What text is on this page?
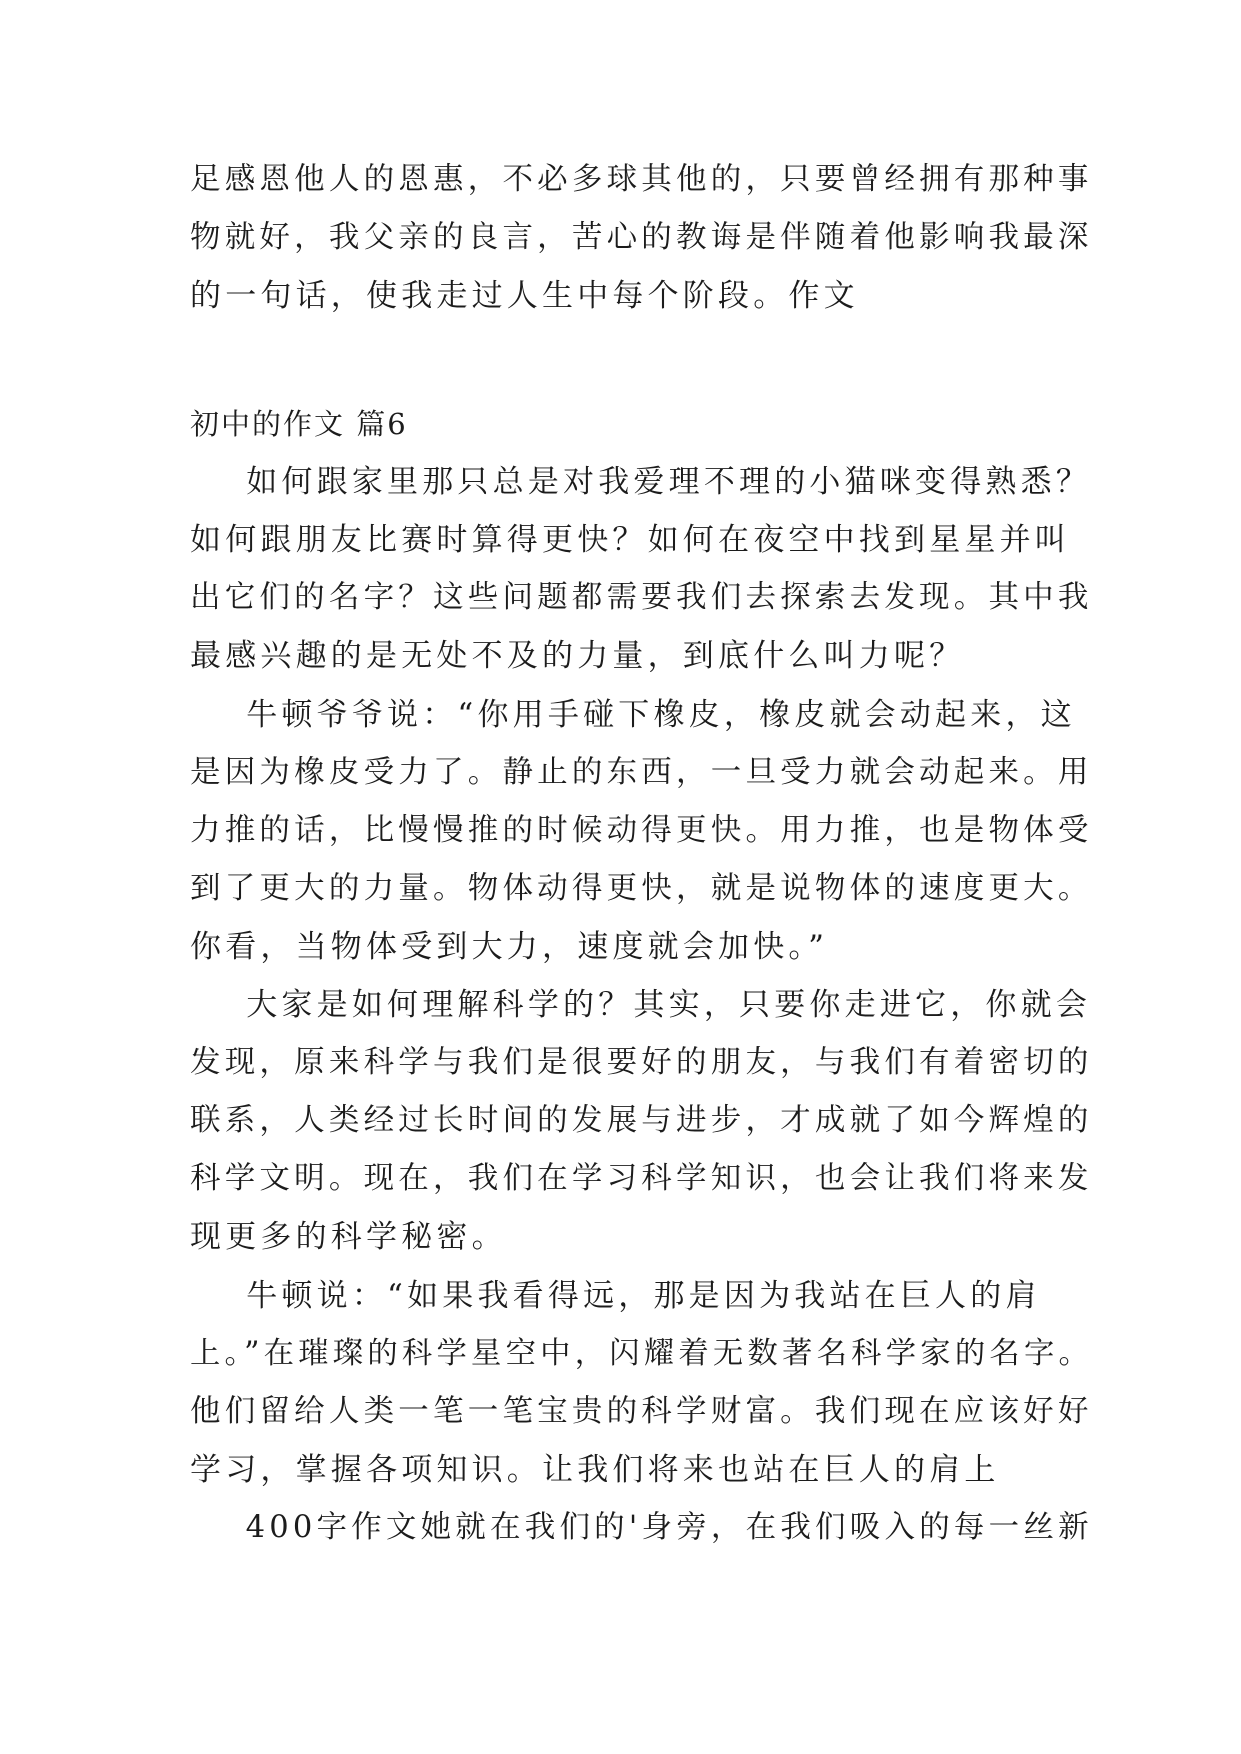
足感恩他人的恩惠，不必多球其他的，只要曾经拥有那种事
物就好，我父亲的良言，苦心的教诲是伴随着他影响我最深
的一句话，使我走过人生中每个阶段。作文
初中的作文 篇6
如何跟家里那只总是对我爱理不理的小猫咪变得熟悉？
如何跟朋友比赛时算得更快？如何在夜空中找到星星并叫
出它们的名字？这些问题都需要我们去探索去发现。其中我
最感兴趣的是无处不及的力量，到底什么叫力呢？
牛顿爷爷说：“你用手碰下橡皮，橡皮就会动起来，这
是因为橡皮受力了。静止的东西，一旦受力就会动起来。用
力推的话，比慢慢推的时候动得更快。用力推，也是物体受
到了更大的力量。物体动得更快，就是说物体的速度更大。
你看，当物体受到大力，速度就会加快。”
大家是如何理解科学的？其实，只要你走进它，你就会
发现，原来科学与我们是很要好的朋友，与我们有着密切的
联系，人类经过长时间的发展与进步，才成就了如今辉煌的
科学文明。现在，我们在学习科学知识，也会让我们将来发
现更多的科学秘密。
牛顿说：“如果我看得远，那是因为我站在巨人的肩
上。”在璀璨的科学星空中，闪耀着无数著名科学家的名字。
他们留给人类一笔一笔宝贵的科学财富。我们现在应该好好
学习，掌握各项知识。让我们将来也站在巨人的肩上
400字作文她就在我们的'身旁，在我们吸入的每一丝新
